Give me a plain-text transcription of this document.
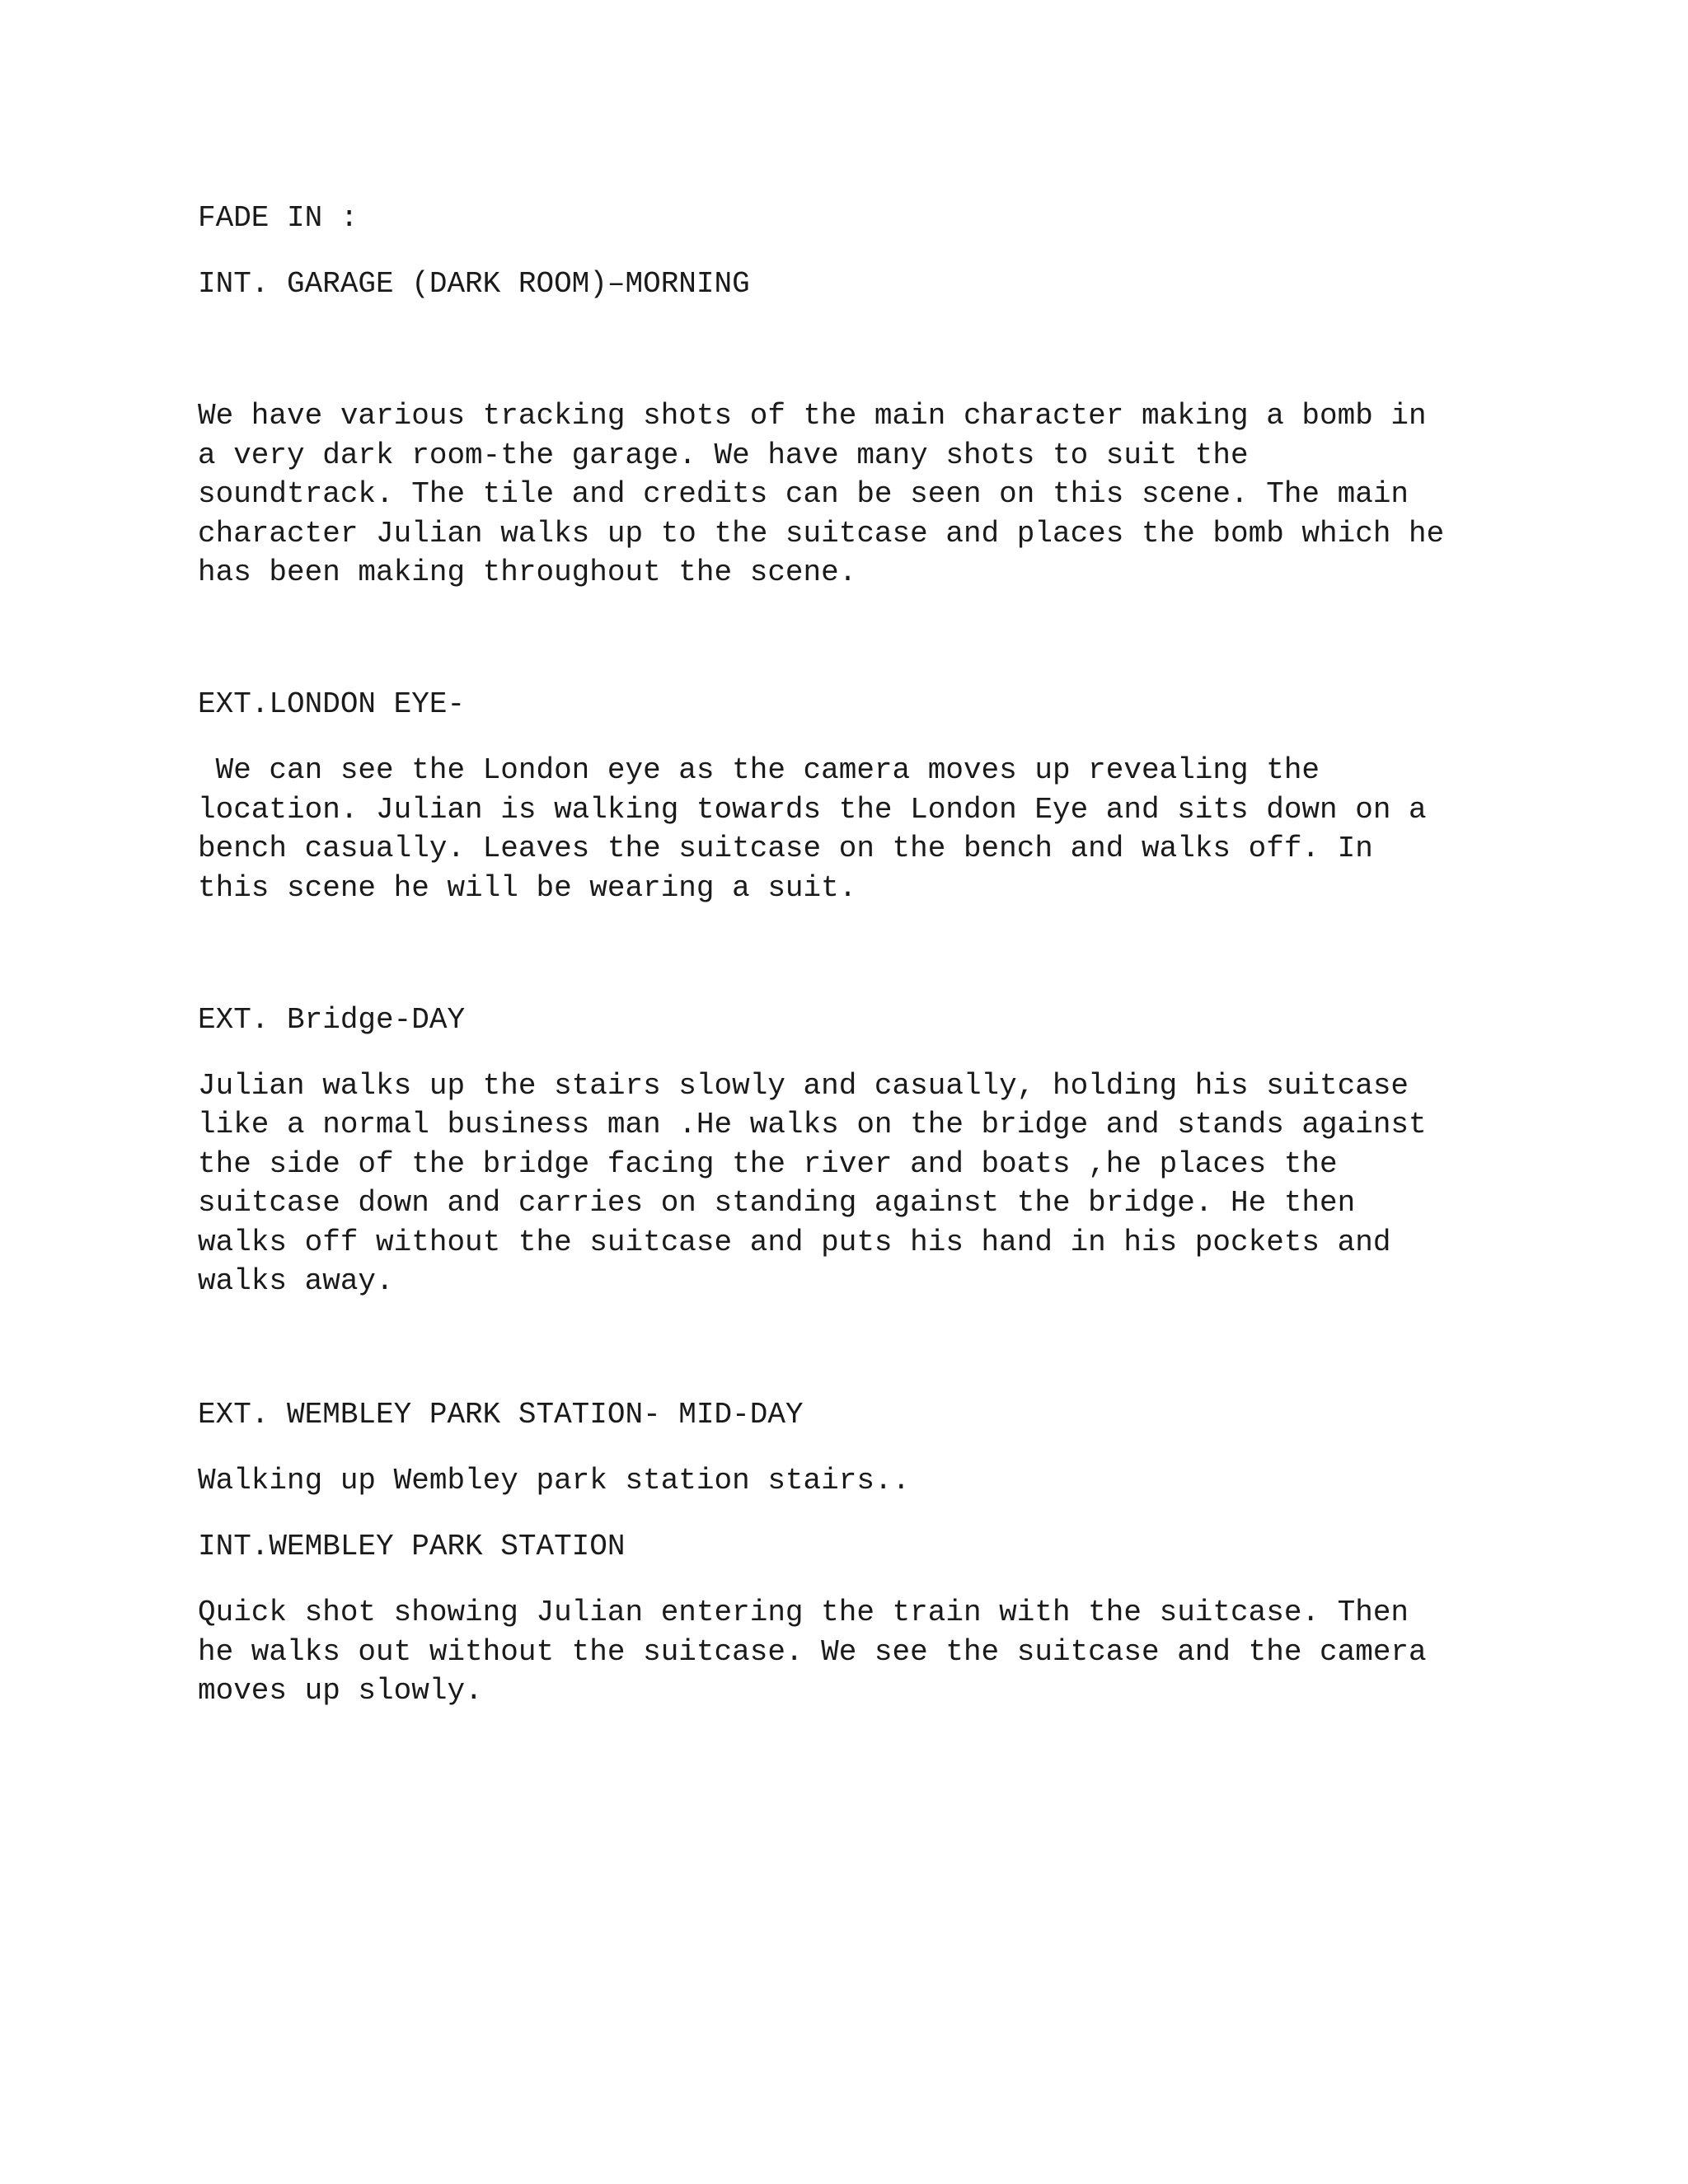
FADE IN :

INT. GARAGE (DARK ROOM)–MORNING

We have various tracking shots of the main character making a bomb in

a very dark room-the garage. We have many shots to suit the

soundtrack. The tile and credits can be seen on this scene. The main

character Julian walks up to the suitcase and places the bomb which he

has been making throughout the scene.

EXT.LONDON EYE-

We can see the London eye as the camera moves up revealing the

location. Julian is walking towards the London Eye and sits down on a

bench casually. Leaves the suitcase on the bench and walks off. In

this scene he will be wearing a suit.

EXT. Bridge-DAY

Julian walks up the stairs slowly and casually, holding his suitcase

like a normal business man .He walks on the bridge and stands against

the side of the bridge facing the river and boats ,he places the

suitcase down and carries on standing against the bridge. He then

walks off without the suitcase and puts his hand in his pockets and

walks away.

EXT. WEMBLEY PARK STATION- MID-DAY

Walking up Wembley park station stairs..

INT.WEMBLEY PARK STATION

Quick shot showing Julian entering the train with the suitcase. Then

he walks out without the suitcase. We see the suitcase and the camera

moves up slowly.
